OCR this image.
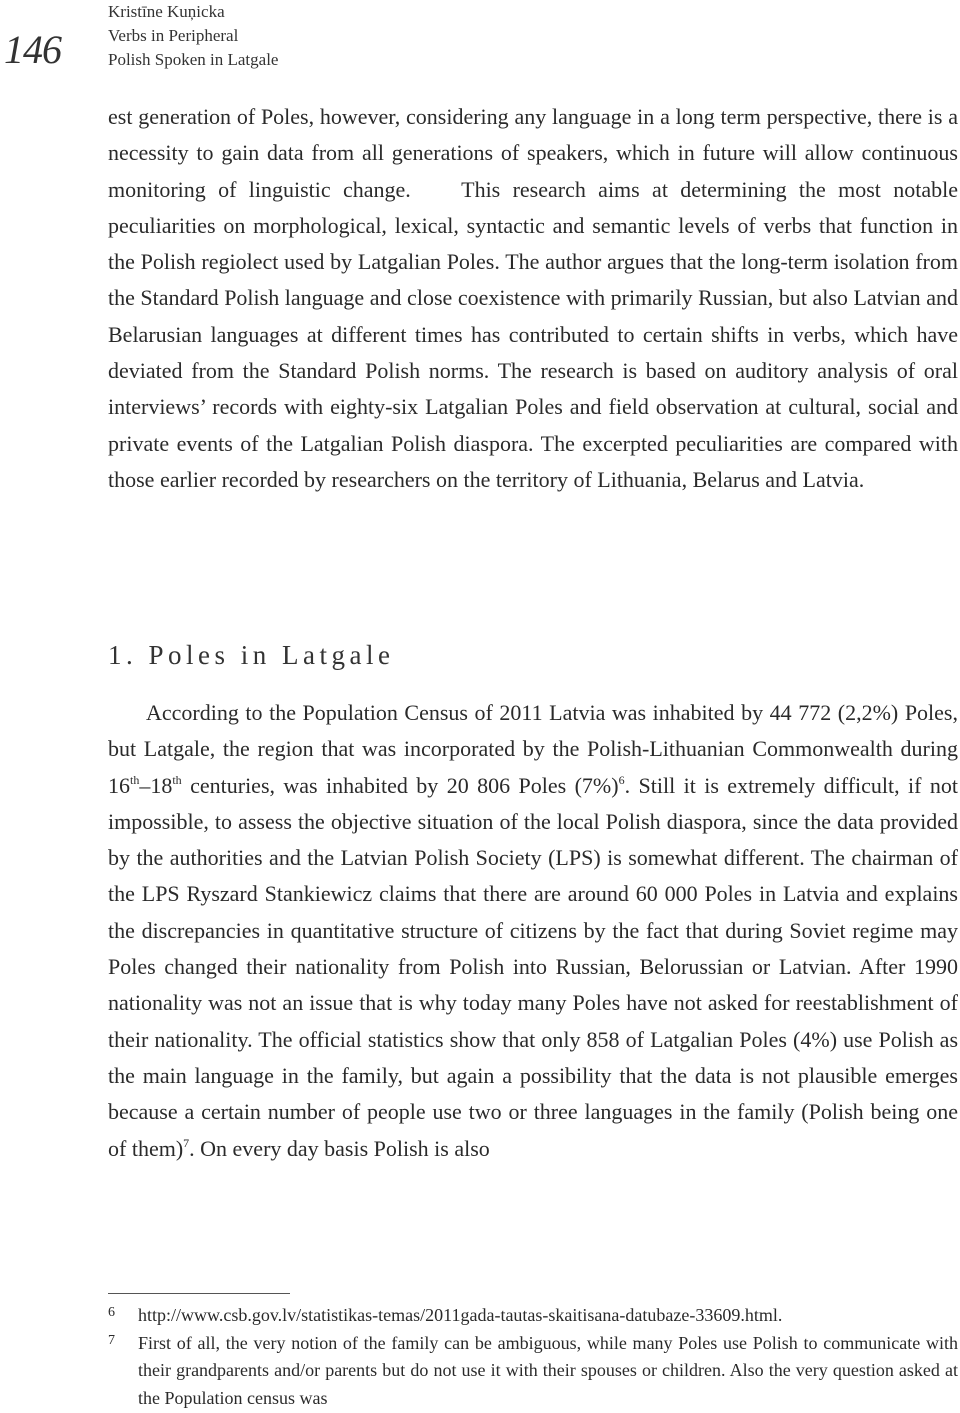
146
Kristīne Kuņicka
Verbs in Peripheral
Polish Spoken in Latgale

est generation of Poles, however, considering any language in a long term perspective, there is a necessity to gain data from all generations of speakers, which in future will allow continuous monitoring of linguistic change. This research aims at determining the most notable peculiarities on morphological, lexical, syntactic and semantic levels of verbs that function in the Polish regiolect used by Latgalian Poles. The author argues that the long-term isolation from the Standard Polish language and close coexistence with primarily Russian, but also Latvian and Belarusian languages at different times has contributed to certain shifts in verbs, which have deviated from the Standard Polish norms. The research is based on auditory analysis of oral interviews’ records with eighty-six Latgalian Poles and field observation at cultural, social and private events of the Latgalian Polish diaspora. The excerpted peculiarities are compared with those earlier recorded by researchers on the territory of Lithuania, Belarus and Latvia.

1. Poles in Latgale

According to the Population Census of 2011 Latvia was inhabited by 44 772 (2,2%) Poles, but Latgale, the region that was incorporated by the Polish-Lithuanian Commonwealth during 16th–18th centuries, was inhabited by 20 806 Poles $(7\%)^6$. Still it is extremely difficult, if not impossible, to assess the objective situation of the local Polish diaspora, since the data provided by the authorities and the Latvian Polish Society (LPS) is somewhat different. The chairman of the LPS Ryszard Stankiewicz claims that there are around 60 000 Poles in Latvia and explains the discrepancies in quantitative structure of citizens by the fact that during Soviet regime may Poles changed their nationality from Polish into Russian, Belorussian or Latvian. After 1990 nationality was not an issue that is why today many Poles have not asked for reestablishment of their nationality. The official statistics show that only 858 of Latgalian Poles (4%) use Polish as the main language in the family, but again a possibility that the data is not plausible emerges because a certain number of people use two or three languages in the family (Polish being one of them)$^7$. On every day basis Polish is also

6	http://www.csb.gov.lv/statistikas-temas/2011gada-tautas-skaitisana-datubaze-33609.html.
7	First of all, the very notion of the family can be ambiguous, while many Poles use Polish to communicate with their grandparents and/or parents but do not use it with their spouses or children. Also the very question asked at the Population census was
